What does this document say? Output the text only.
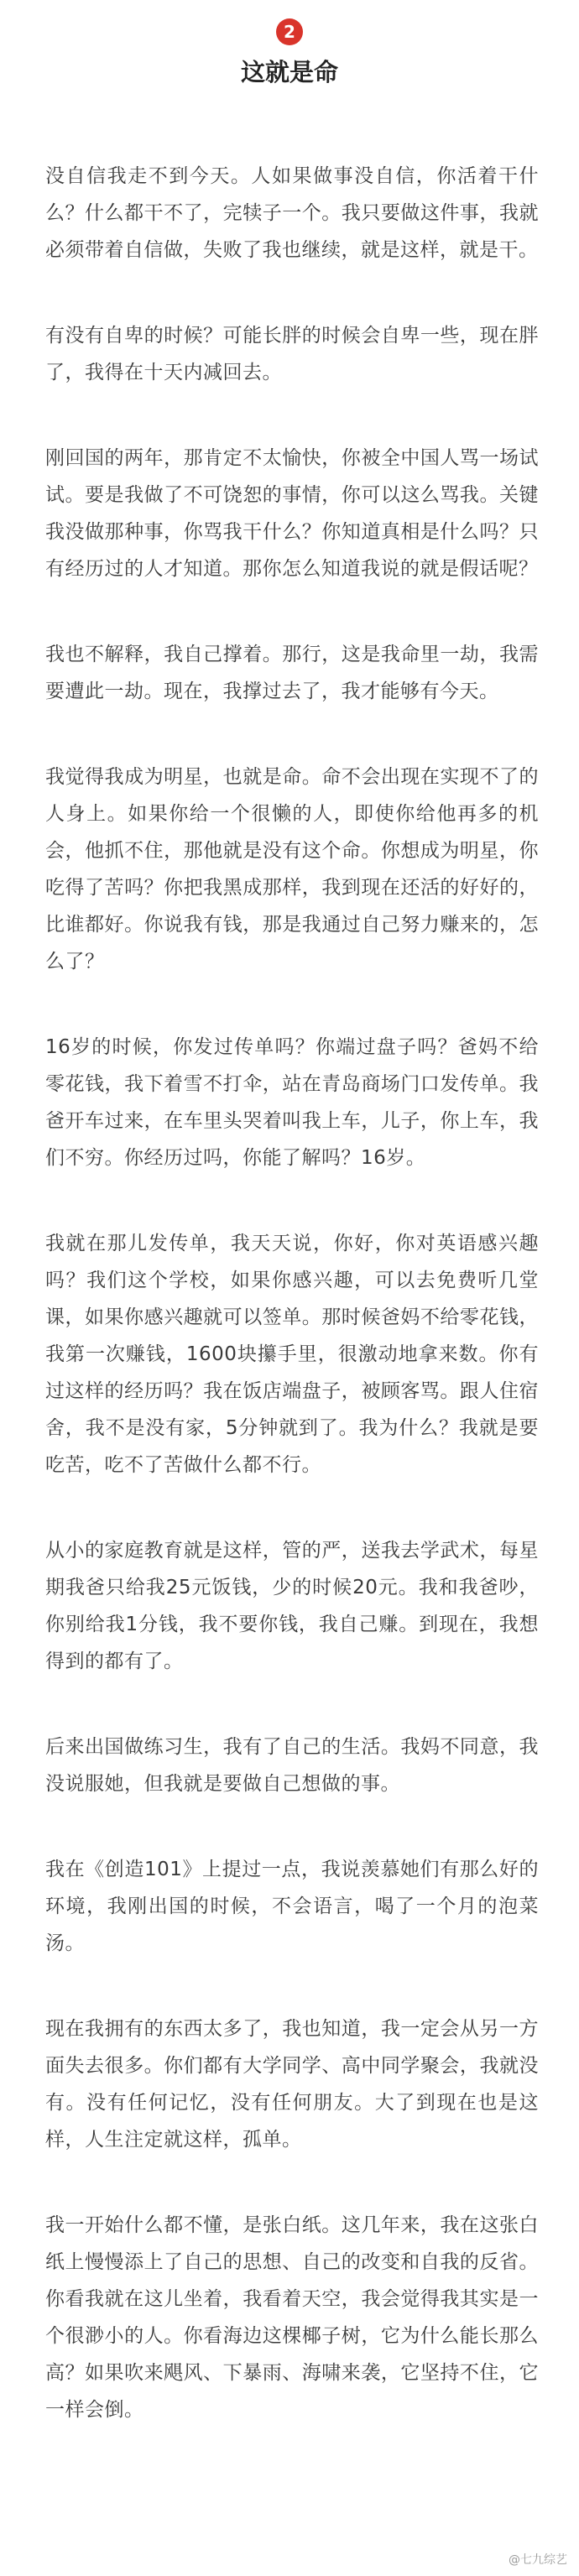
2
这就是命

没自信我走不到今天。人如果做事没自信，你活着干什么？什么都干不了，完犊子一个。我只要做这件事，我就必须带着自信做，失败了我也继续，就是这样，就是干。

有没有自卑的时候？可能长胖的时候会自卑一些，现在胖了，我得在十天内减回去。

刚回国的两年，那肯定不太愉快，你被全中国人骂一场试试。要是我做了不可饶恕的事情，你可以这么骂我。关键我没做那种事，你骂我干什么？你知道真相是什么吗？只有经历过的人才知道。那你怎么知道我说的就是假话呢？

我也不解释，我自己撑着。那行，这是我命里一劫，我需要遭此一劫。现在，我撑过去了，我才能够有今天。

我觉得我成为明星，也就是命。命不会出现在实现不了的人身上。如果你给一个很懒的人，即使你给他再多的机会，他抓不住，那他就是没有这个命。你想成为明星，你吃得了苦吗？你把我黑成那样，我到现在还活的好好的，比谁都好。你说我有钱，那是我通过自己努力赚来的，怎么了？

16岁的时候，你发过传单吗？你端过盘子吗？爸妈不给零花钱，我下着雪不打伞，站在青岛商场门口发传单。我爸开车过来，在车里头哭着叫我上车，儿子，你上车，我们不穷。你经历过吗，你能了解吗？16岁。

我就在那儿发传单，我天天说，你好，你对英语感兴趣吗？我们这个学校，如果你感兴趣，可以去免费听几堂课，如果你感兴趣就可以签单。那时候爸妈不给零花钱，我第一次赚钱，1600块攥手里，很激动地拿来数。你有过这样的经历吗？我在饭店端盘子，被顾客骂。跟人住宿舍，我不是没有家，5分钟就到了。我为什么？我就是要吃苦，吃不了苦做什么都不行。

从小的家庭教育就是这样，管的严，送我去学武术，每星期我爸只给我25元饭钱，少的时候20元。我和我爸吵，你别给我1分钱，我不要你钱，我自己赚。到现在，我想得到的都有了。

后来出国做练习生，我有了自己的生活。我妈不同意，我没说服她，但我就是要做自己想做的事。

我在《创造101》上提过一点，我说羡慕她们有那么好的环境，我刚出国的时候，不会语言，喝了一个月的泡菜汤。

现在我拥有的东西太多了，我也知道，我一定会从另一方面失去很多。你们都有大学同学、高中同学聚会，我就没有。没有任何记忆，没有任何朋友。大了到现在也是这样，人生注定就这样，孤单。

我一开始什么都不懂，是张白纸。这几年来，我在这张白纸上慢慢添上了自己的思想、自己的改变和自我的反省。你看我就在这儿坐着，我看着天空，我会觉得我其实是一个很渺小的人。你看海边这棵椰子树，它为什么能长那么高？如果吹来飓风、下暴雨、海啸来袭，它坚持不住，它一样会倒。

@七九综艺
